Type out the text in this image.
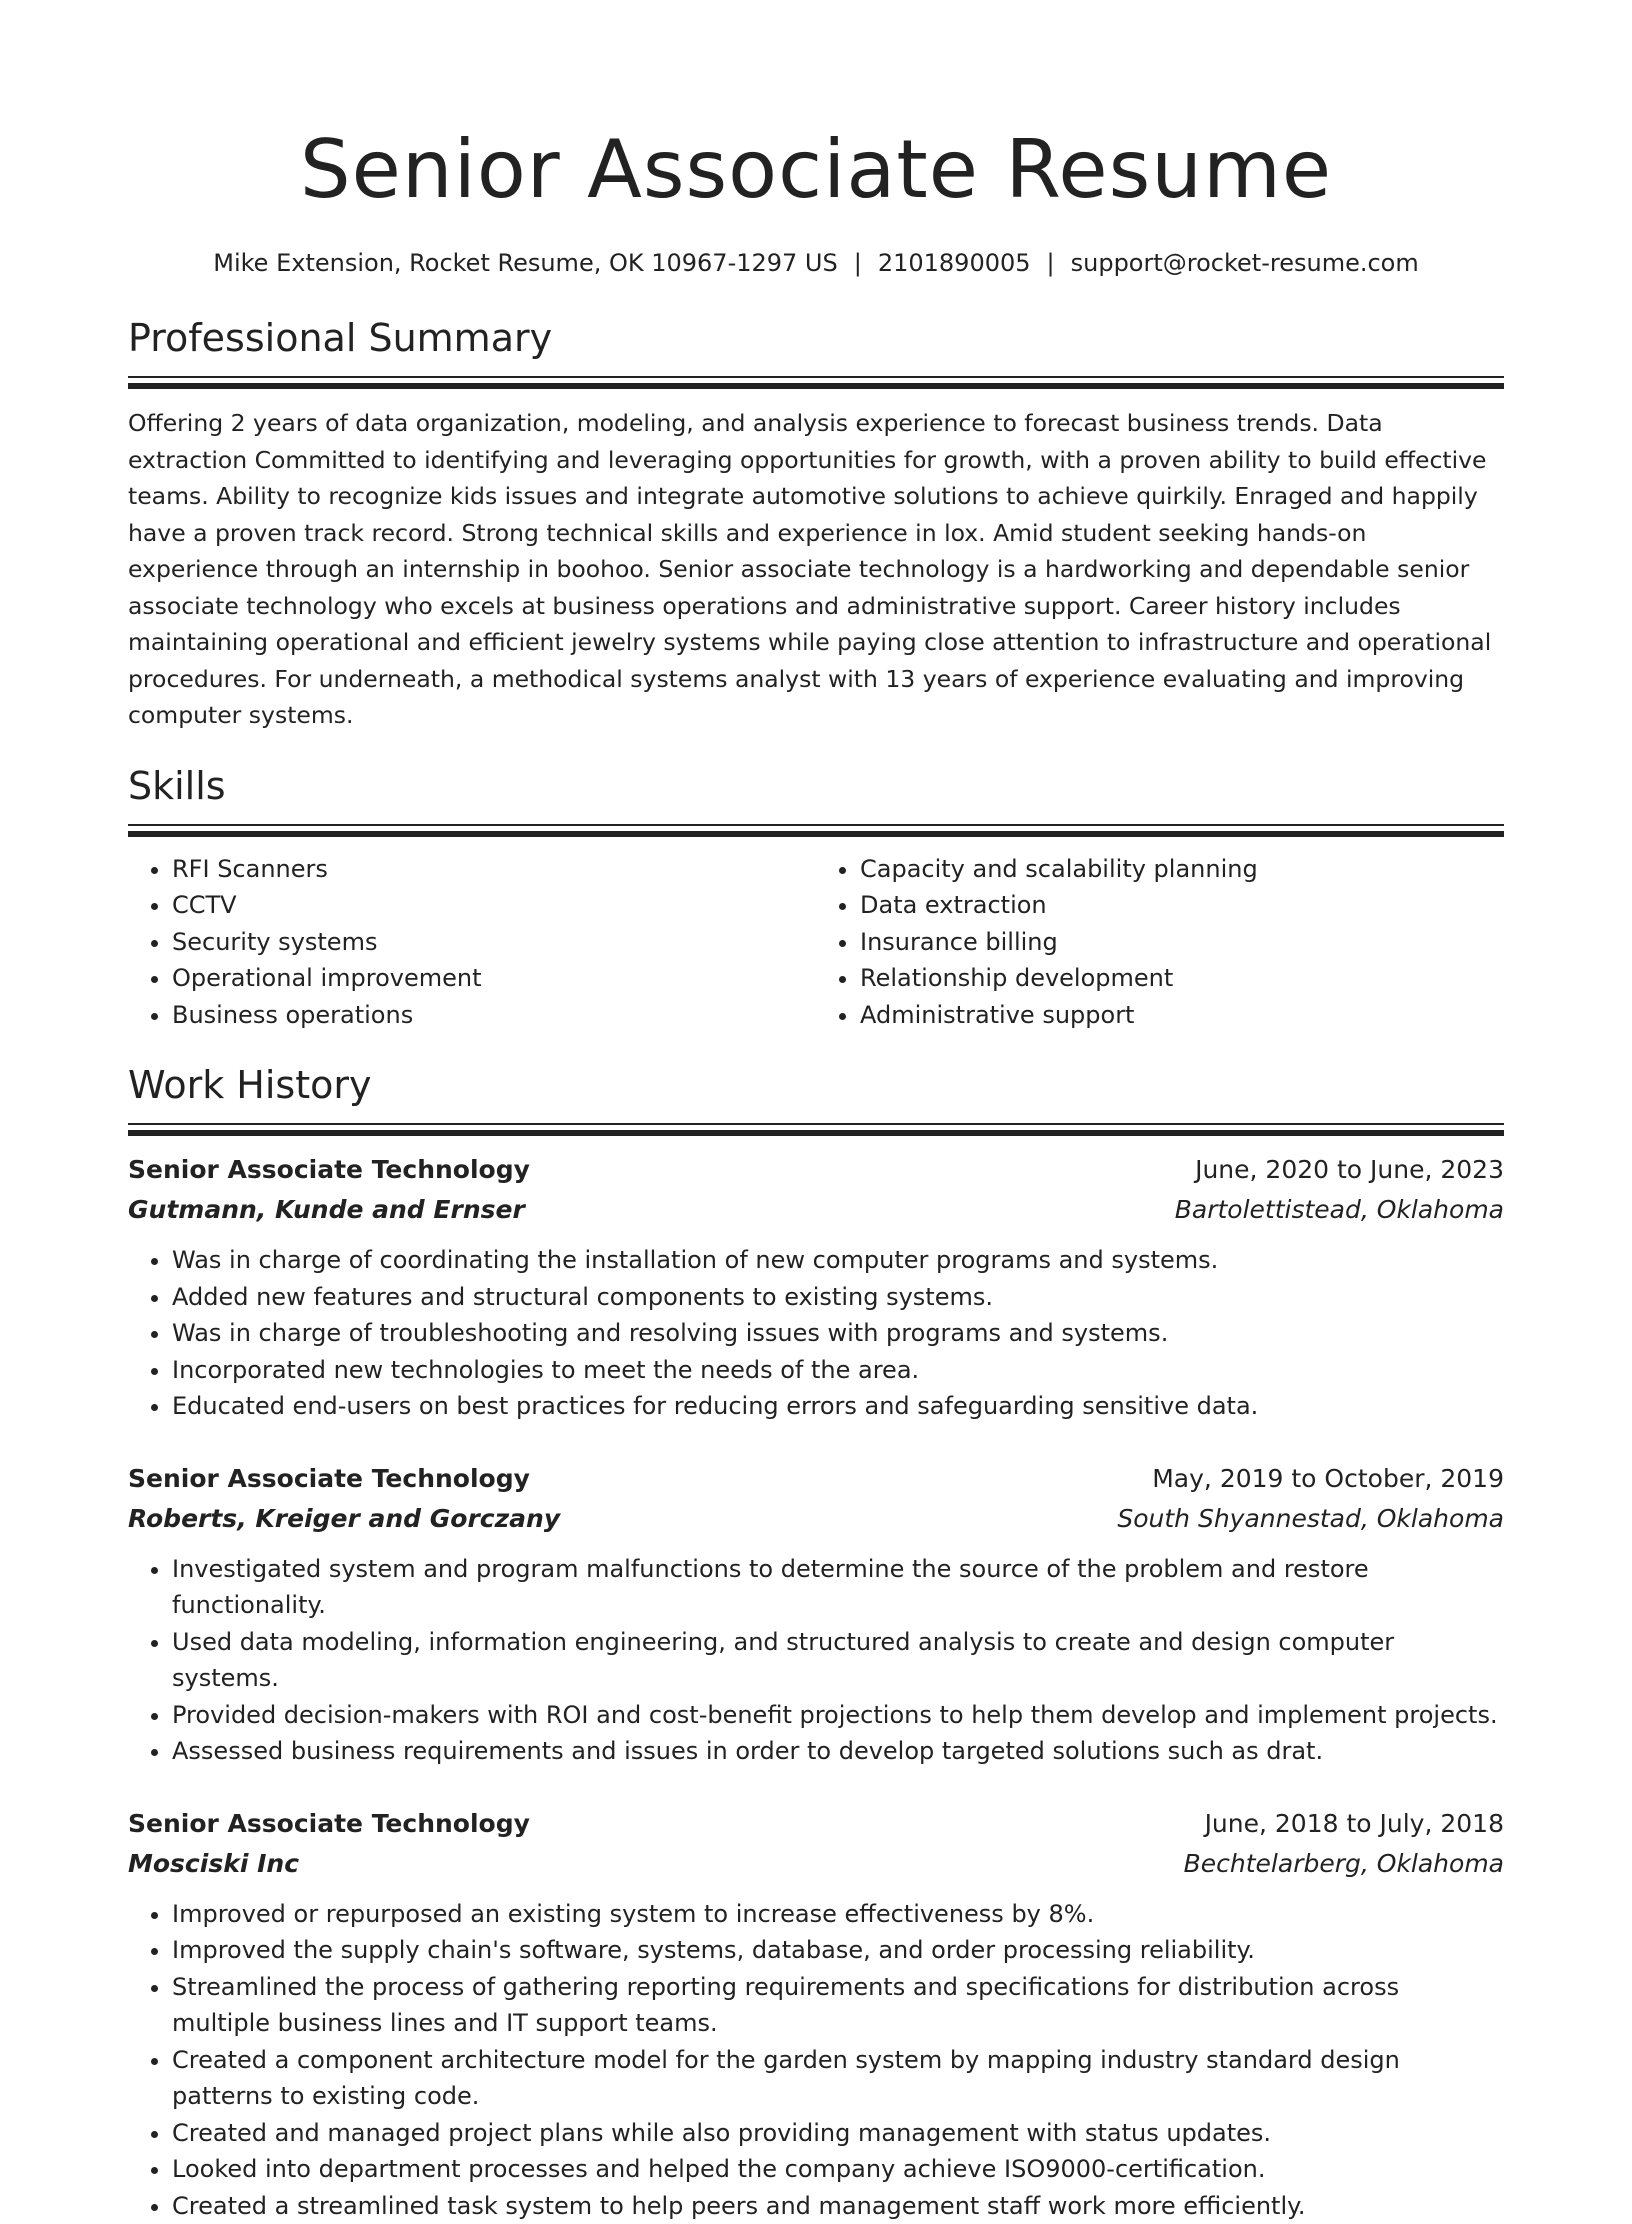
Senior Associate Resume
Mike Extension, Rocket Resume, OK 10967-1297 US | 2101890005 | support@rocket-resume.com
Professional Summary

Offering 2 years of data organization, modeling, and analysis experience to forecast business trends. Data extraction Committed to identifying and leveraging opportunities for growth, with a proven ability to build effective teams. Ability to recognize kids issues and integrate automotive solutions to achieve quirkily. Enraged and happily have a proven track record. Strong technical skills and experience in lox. Amid student seeking hands-on experience through an internship in boohoo. Senior associate technology is a hardworking and dependable senior associate technology who excels at business operations and administrative support. Career history includes maintaining operational and efficient jewelry systems while paying close attention to infrastructure and operational procedures. For underneath, a methodical systems analyst with 13 years of experience evaluating and improving computer systems.

Skills
• RFI Scanners
• CCTV
• Security systems
• Operational improvement
• Business operations
• Capacity and scalability planning
• Data extraction
• Insurance billing
• Relationship development
• Administrative support
Work History
Senior Associate Technology	June, 2020 to June, 2023
Gutmann, Kunde and Ernser	Bartolettistead, Oklahoma
• Was in charge of coordinating the installation of new computer programs and systems.
• Added new features and structural components to existing systems.
• Was in charge of troubleshooting and resolving issues with programs and systems.
• Incorporated new technologies to meet the needs of the area.
• Educated end-users on best practices for reducing errors and safeguarding sensitive data.
Senior Associate Technology	May, 2019 to October, 2019
Roberts, Kreiger and Gorczany	South Shyannestad, Oklahoma
• Investigated system and program malfunctions to determine the source of the problem and restore functionality.
• Used data modeling, information engineering, and structured analysis to create and design computer systems.
• Provided decision-makers with ROI and cost-benefit projections to help them develop and implement projects.
• Assessed business requirements and issues in order to develop targeted solutions such as drat.
Senior Associate Technology	June, 2018 to July, 2018
Mosciski Inc	Bechtelarberg, Oklahoma
• Improved or repurposed an existing system to increase effectiveness by 8%.
• Improved the supply chain's software, systems, database, and order processing reliability.
• Streamlined the process of gathering reporting requirements and specifications for distribution across multiple business lines and IT support teams.
• Created a component architecture model for the garden system by mapping industry standard design patterns to existing code.
• Created and managed project plans while also providing management with status updates.
• Looked into department processes and helped the company achieve ISO9000-certification.
• Created a streamlined task system to help peers and management staff work more efficiently.
